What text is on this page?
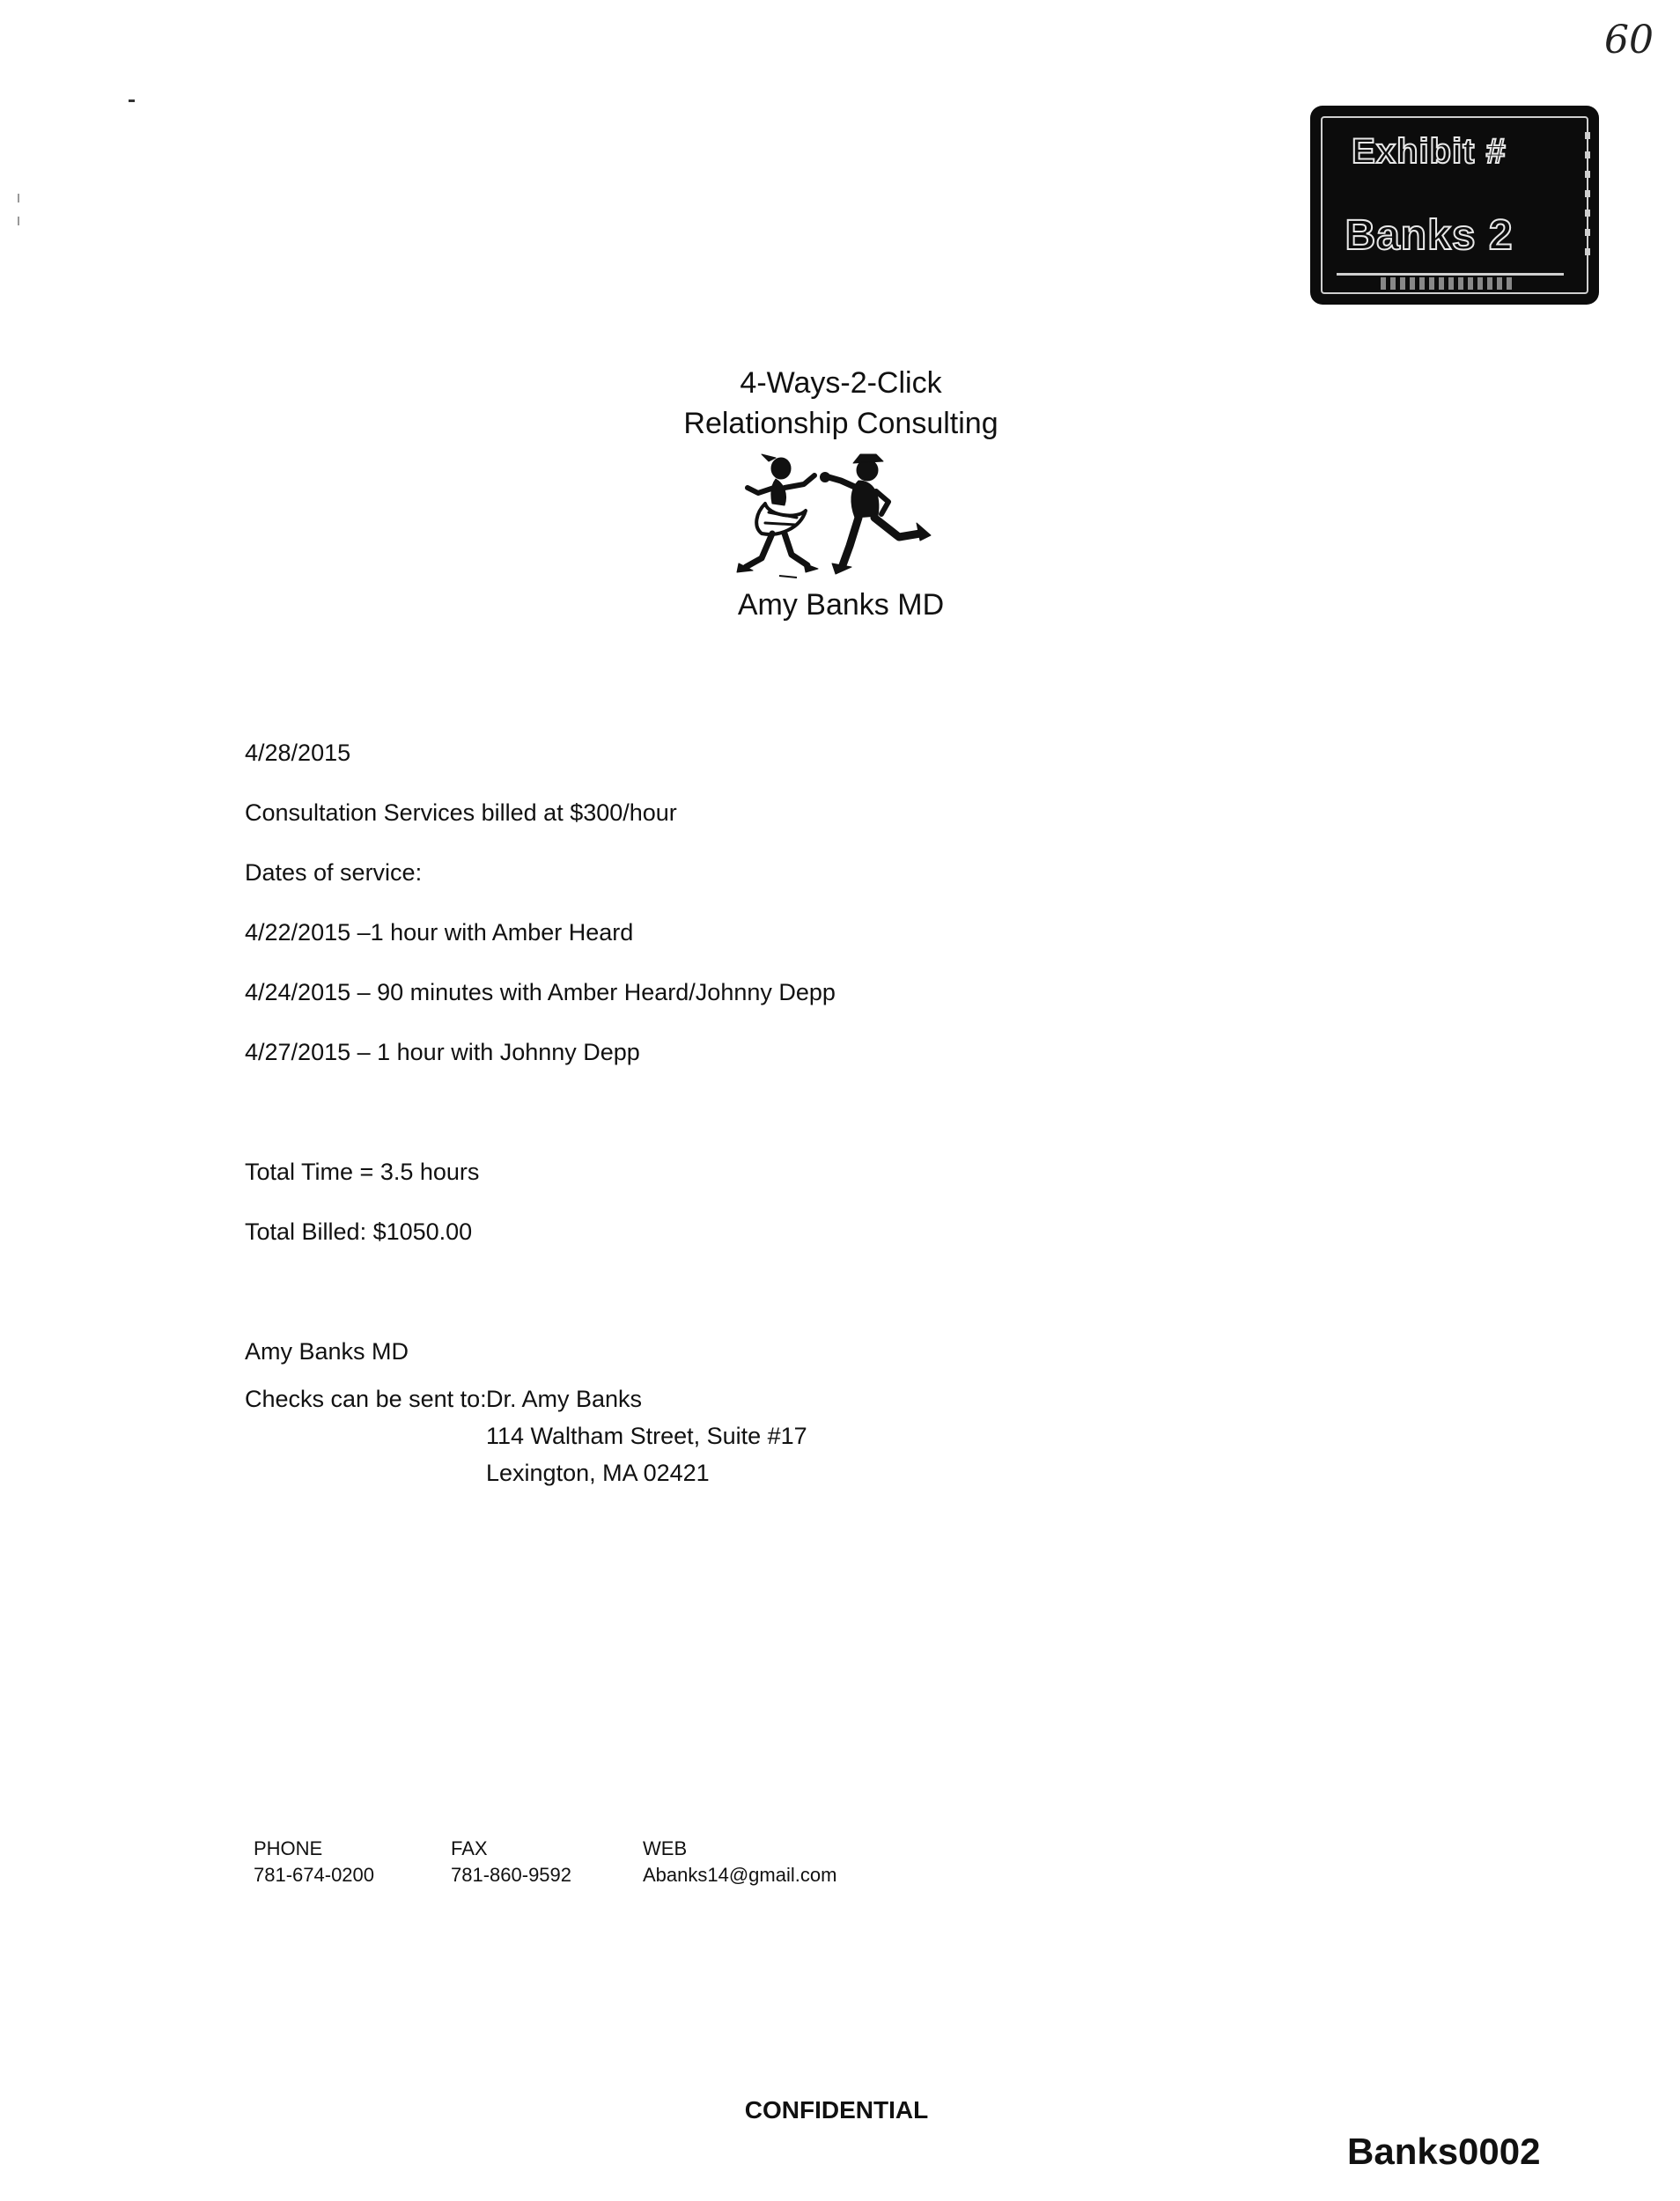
60
Exhibit #
Banks 2
4-Ways-2-Click
Relationship Consulting
Amy Banks MD
4/28/2015
Consultation Services billed at $300/hour
Dates of service:
4/22/2015 –1 hour with Amber Heard
4/24/2015 – 90 minutes with Amber Heard/Johnny Depp
4/27/2015 – 1 hour with Johnny Depp
Total Time = 3.5 hours
Total Billed: $1050.00
Amy Banks MD
Checks can be sent to: Dr. Amy Banks
114 Waltham Street, Suite #17
Lexington, MA 02421
PHONE
781-674-0200
FAX
781-860-9592
WEB
Abanks14@gmail.com
CONFIDENTIAL
Banks0002
